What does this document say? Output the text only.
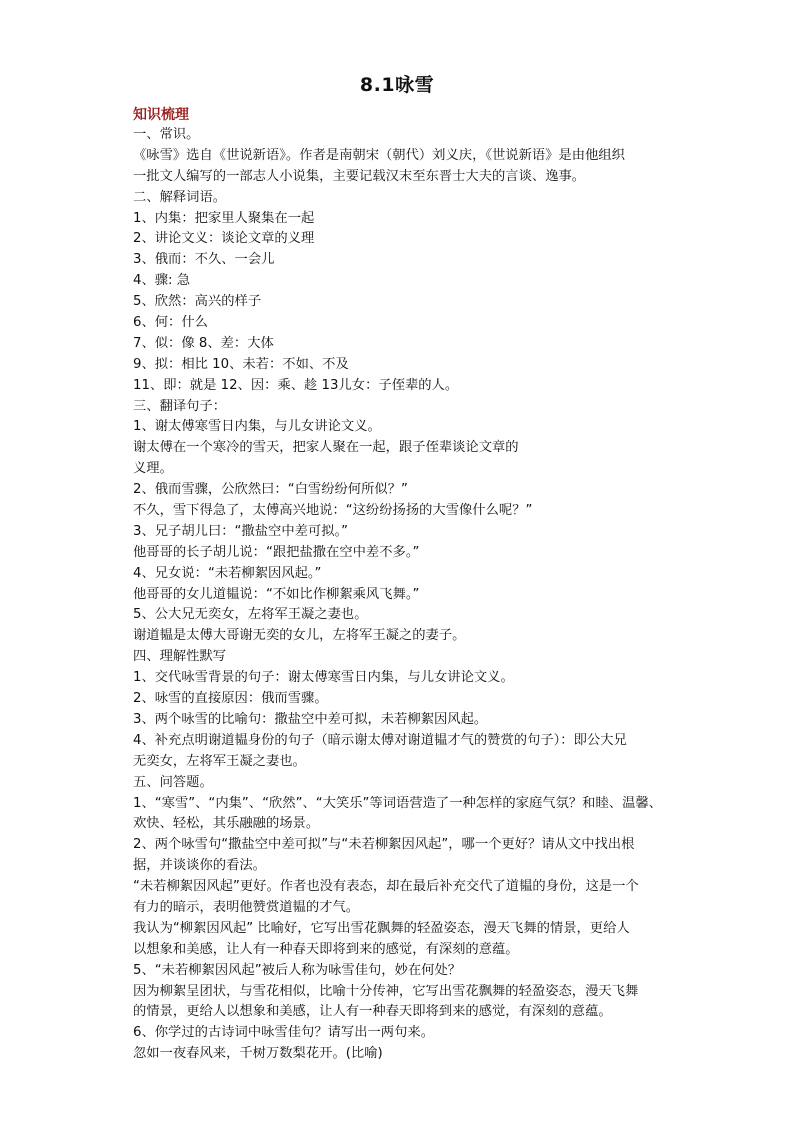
8.1咏雪
知识梳理
一、常识。
《咏雪》选自《世说新语》。作者是南朝宋（朝代）刘义庆，《世说新语》是由他组织
一批文人编写的一部志人小说集，主要记载汉末至东晋士大夫的言谈、逸事。
二、解释词语。
1、内集：把家里人聚集在一起
2、讲论文义：谈论文章的义理
3、俄而：不久、一会儿
4、骤: 急
5、欣然：高兴的样子
6、何：什么
7、似：像 8、差：大体
9、拟：相比 10、未若：不如、不及
11、即：就是 12、因：乘、趁 13儿女：子侄辈的人。
三、翻译句子：
1、谢太傅寒雪日内集，与儿女讲论文义。
谢太傅在一个寒冷的雪天，把家人聚在一起，跟子侄辈谈论文章的
义理。
2、俄而雪骤，公欣然曰：“白雪纷纷何所似？”
不久，雪下得急了，太傅高兴地说：“这纷纷扬扬的大雪像什么呢？”
3、兄子胡儿曰：“撒盐空中差可拟。”
他哥哥的长子胡儿说：“跟把盐撒在空中差不多。”
4、兄女说：“未若柳絮因风起。”
他哥哥的女儿道韫说：“不如比作柳絮乘风飞舞。”
5、公大兄无奕女，左将军王凝之妻也。
谢道韫是太傅大哥谢无奕的女儿，左将军王凝之的妻子。
四、理解性默写
1、交代咏雪背景的句子：谢太傅寒雪日内集，与儿女讲论文义。
2、咏雪的直接原因：俄而雪骤。
3、两个咏雪的比喻句：撒盐空中差可拟，未若柳絮因风起。
4、补充点明谢道韫身份的句子（暗示谢太傅对谢道韫才气的赞赏的句子）：即公大兄
无奕女，左将军王凝之妻也。
五、问答题。
1、“寒雪”、“内集”、“欣然”、“大笑乐”等词语营造了一种怎样的家庭气氛？和睦、温馨、
欢快、轻松，其乐融融的场景。
2、两个咏雪句“撒盐空中差可拟”与“未若柳絮因风起”，哪一个更好？请从文中找出根
据，并谈谈你的看法。
“未若柳絮因风起”更好。作者也没有表态，却在最后补充交代了道韫的身份，这是一个
有力的暗示，表明他赞赏道韫的才气。
我认为“柳絮因风起” 比喻好，它写出雪花飘舞的轻盈姿态，漫天飞舞的情景，更给人
以想象和美感，让人有一种春天即将到来的感觉，有深刻的意蕴。
5、“未若柳絮因风起”被后人称为咏雪佳句，妙在何处？
因为柳絮呈团状，与雪花相似，比喻十分传神，它写出雪花飘舞的轻盈姿态，漫天飞舞
的情景，更给人以想象和美感，让人有一种春天即将到来的感觉，有深刻的意蕴。
6、你学过的古诗词中咏雪佳句？请写出一两句来。
忽如一夜春风来，千树万数梨花开。(比喻)
